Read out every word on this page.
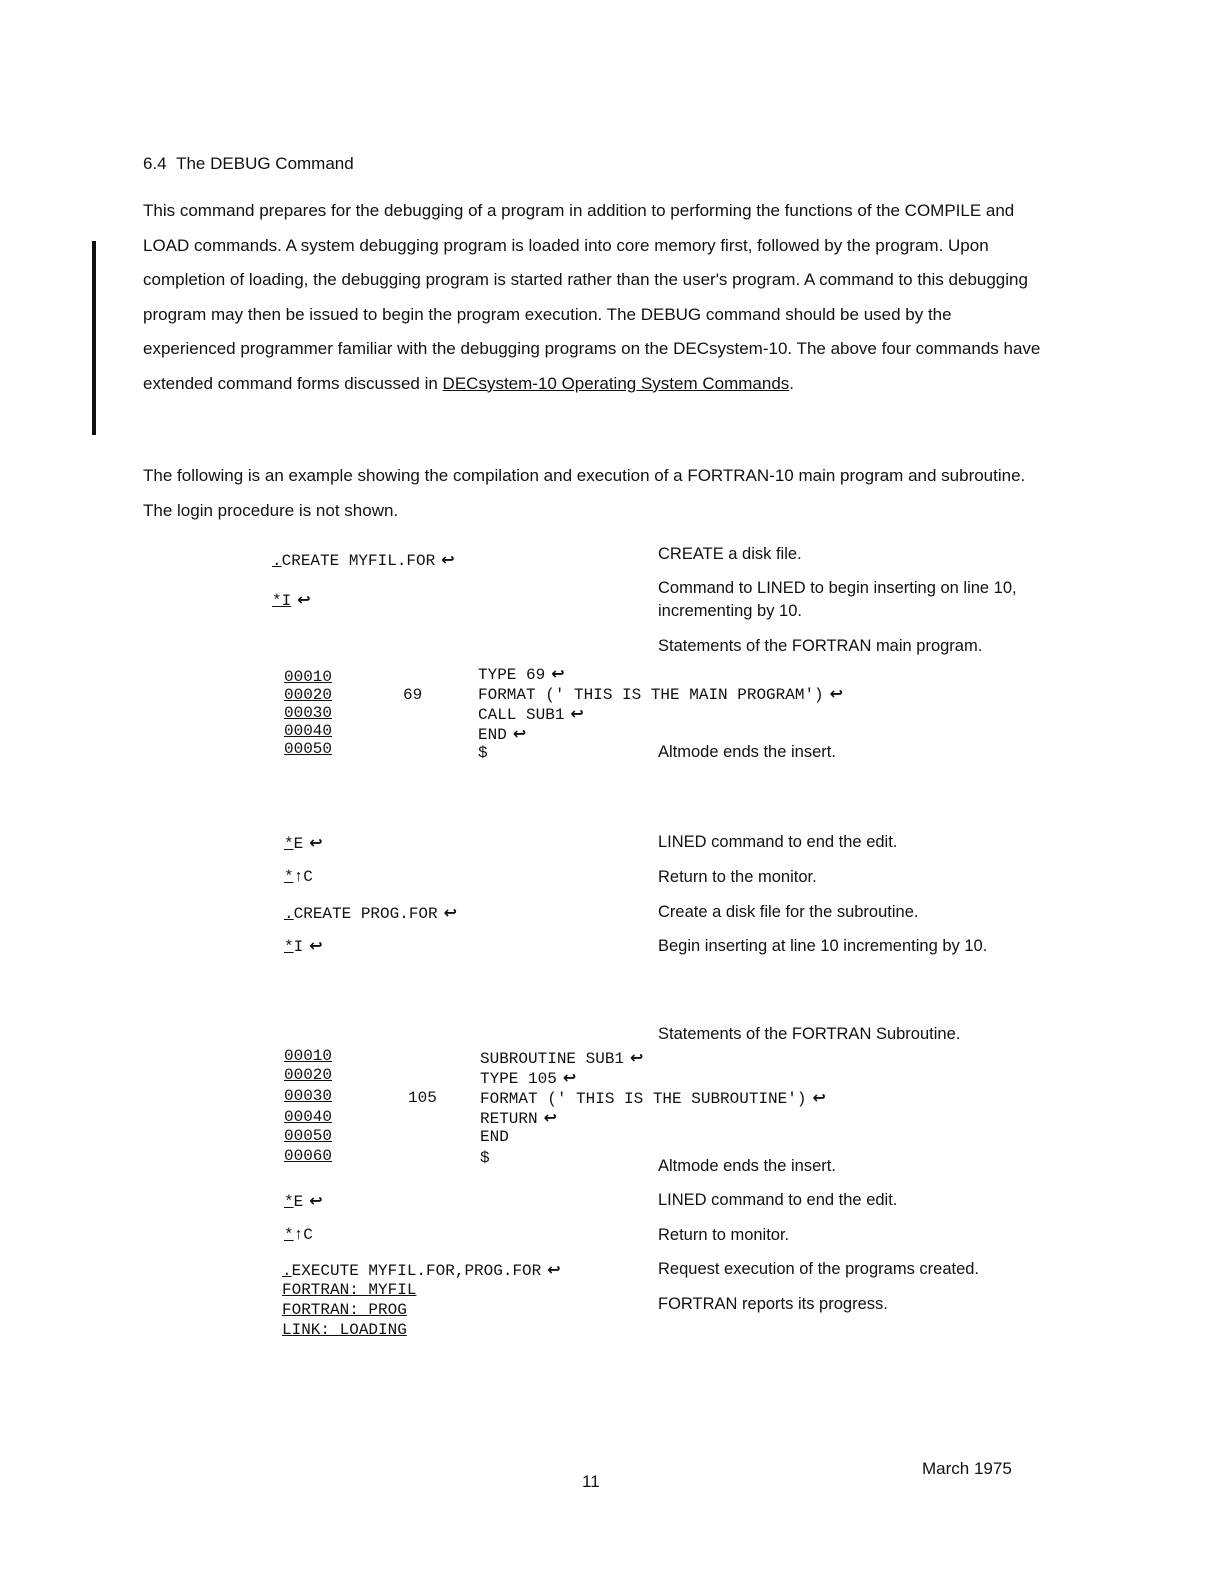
6.4 The DEBUG Command
This command prepares for the debugging of a program in addition to performing the functions of the COMPILE and LOAD commands. A system debugging program is loaded into core memory first, followed by the program. Upon completion of loading, the debugging program is started rather than the user's program. A command to this debugging program may then be issued to begin the program execution. The DEBUG command should be used by the experienced programmer familiar with the debugging programs on the DECsystem-10. The above four commands have extended command forms discussed in DECsystem-10 Operating System Commands.
The following is an example showing the compilation and execution of a FORTRAN-10 main program and subroutine. The login procedure is not shown.
.CREATE MYFIL.FOR ↩
*I ↩
00010
00020
00030
00040
00050
69
TYPE 69 ↩
FORMAT (' THIS IS THE MAIN PROGRAM') ↩
CALL SUB1 ↩
END ↩
$
*E ↩
*↑C
.CREATE PROG.FOR ↩
*I ↩
00010
00020
00030
00040
00050
00060
105
SUBROUTINE SUB1 ↩
TYPE 105 ↩
FORMAT (' THIS IS THE SUBROUTINE') ↩
RETURN ↩
END
$
*E ↩
*↑C
.EXECUTE MYFIL.FOR,PROG.FOR ↩
FORTRAN: MYFIL
FORTRAN: PROG
LINK: LOADING
CREATE a disk file.
Command to LINED to begin inserting on line 10, incrementing by 10.
Statements of the FORTRAN main program.
Altmode ends the insert.
LINED command to end the edit.
Return to the monitor.
Create a disk file for the subroutine.
Begin inserting at line 10 incrementing by 10.
Statements of the FORTRAN Subroutine.
Altmode ends the insert.
LINED command to end the edit.
Return to monitor.
Request execution of the programs created.
FORTRAN reports its progress.
11
March 1975
